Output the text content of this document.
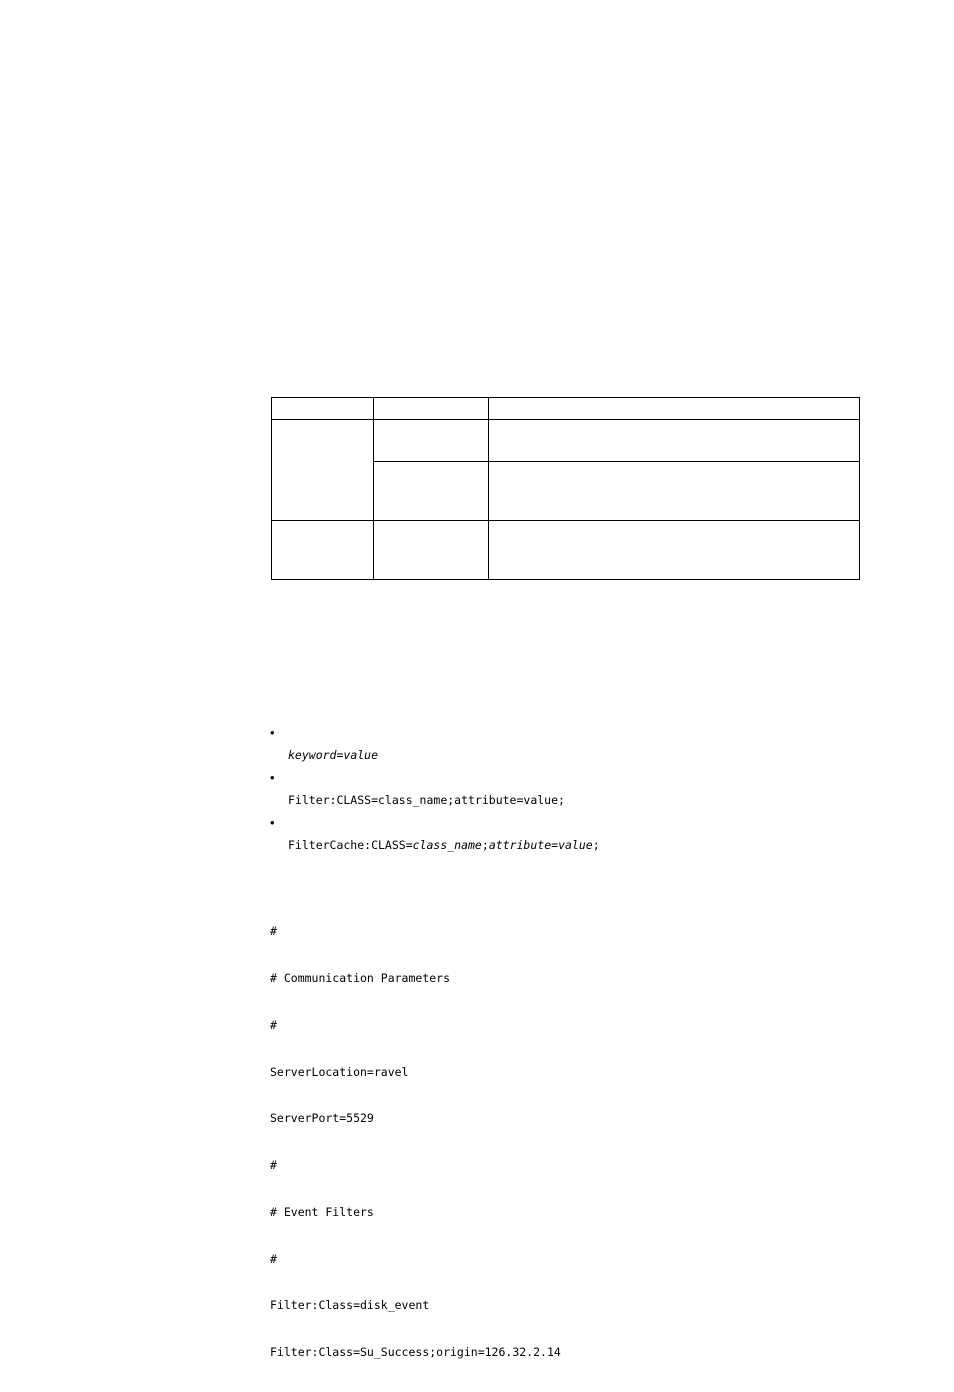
•
keyword=value
•
Filter:CLASS=class_name;attribute=value;
•
FilterCache:CLASS=class_name;attribute=value;

#

# Communication Parameters

#

ServerLocation=ravel

ServerPort=5529

#

# Event Filters

#

Filter:Class=disk_event

Filter:Class=Su_Success;origin=126.32.2.14
